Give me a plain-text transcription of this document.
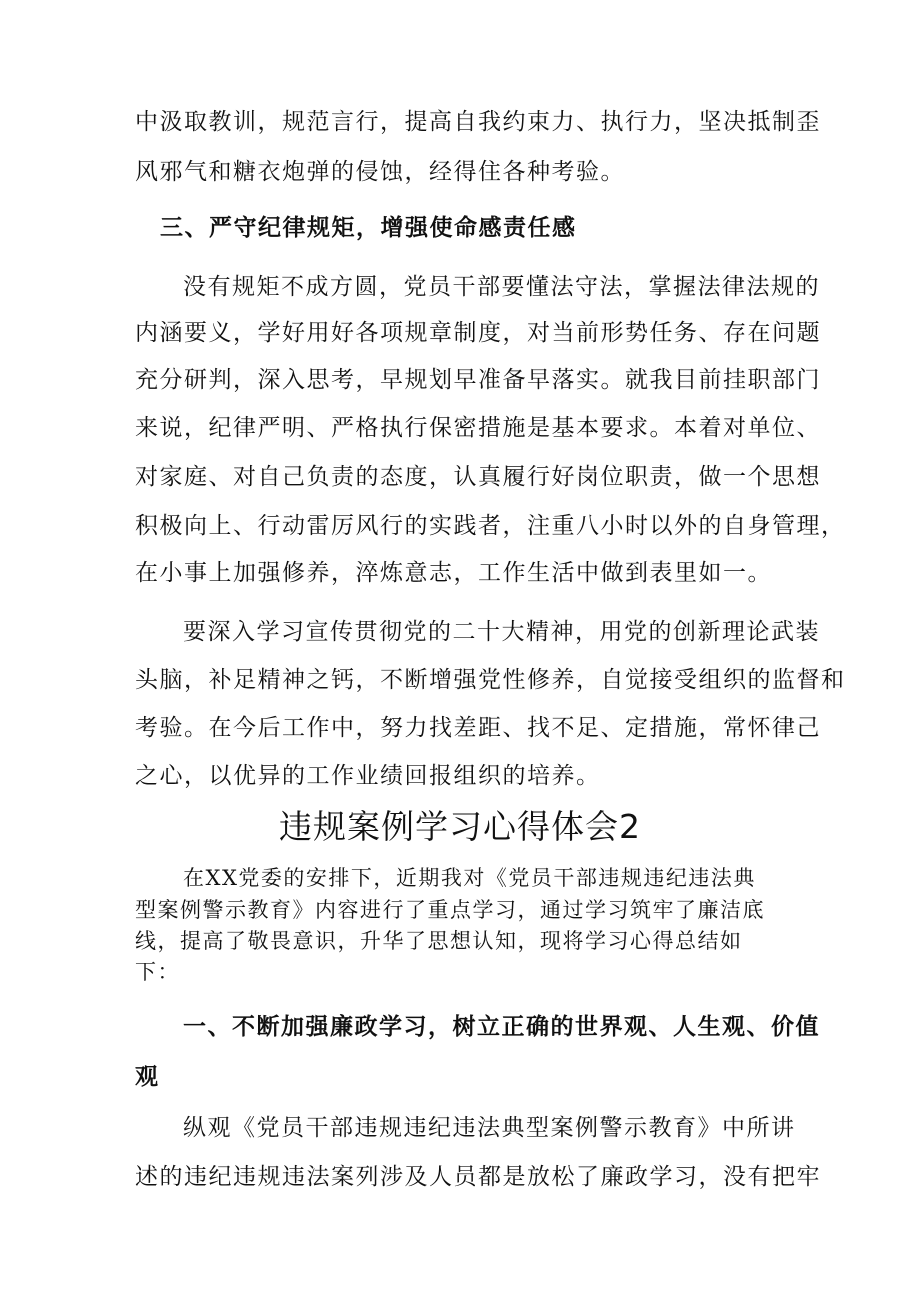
中汲取教训，规范言行，提高自我约束力、执行力，坚决抵制歪

风邪气和糖衣炮弹的侵蚀，经得住各种考验。

三、严守纪律规矩，增强使命感责任感

没有规矩不成方圆，党员干部要懂法守法，掌握法律法规的

内涵要义，学好用好各项规章制度，对当前形势任务、存在问题

充分研判，深入思考，早规划早准备早落实。就我目前挂职部门

来说，纪律严明、严格执行保密措施是基本要求。本着对单位、

对家庭、对自己负责的态度，认真履行好岗位职责，做一个思想

积极向上、行动雷厉风行的实践者，注重八小时以外的自身管理，

在小事上加强修养，淬炼意志，工作生活中做到表里如一。

要深入学习宣传贯彻党的二十大精神，用党的创新理论武装

头脑，补足精神之钙，不断增强党性修养，自觉接受组织的监督和

考验。在今后工作中，努力找差距、找不足、定措施，常怀律己

之心，以优异的工作业绩回报组织的培养。

违规案例学习心得体会2

在XX党委的安排下，近期我对《党员干部违规违纪违法典

型案例警示教育》内容进行了重点学习，通过学习筑牢了廉洁底

线，提高了敬畏意识，升华了思想认知，现将学习心得总结如

下：

一、不断加强廉政学习，树立正确的世界观、人生观、价值

观

纵观《党员干部违规违纪违法典型案例警示教育》中所讲

述的违纪违规违法案列涉及人员都是放松了廉政学习，没有把牢
